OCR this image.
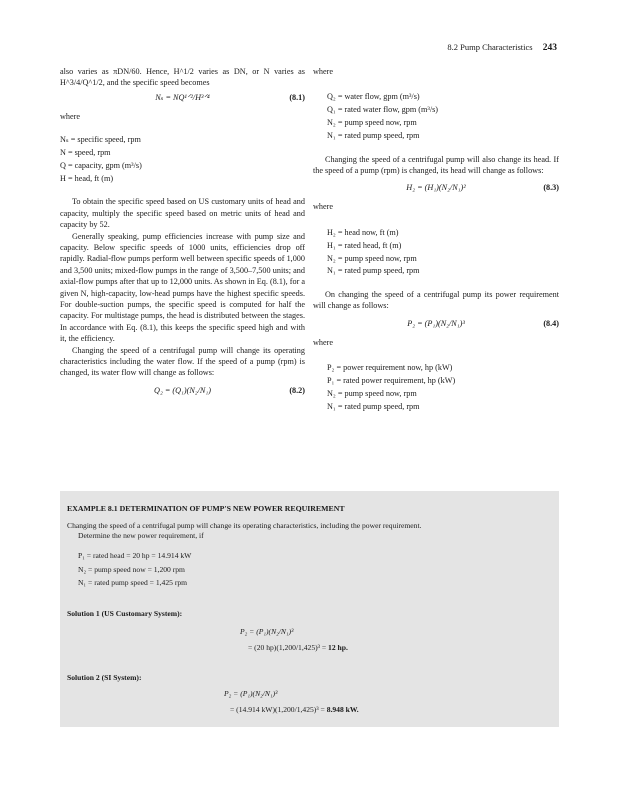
8.2 Pump Characteristics 243

also varies as πDN/60. Hence, H^1/2 varies as DN, or N varies as H^3/4/Q^1/2, and the specific speed becomes

Nₛ = NQ¹ᐟ²/H³ᐟ⁴	(8.1)

where

Nₛ = specific speed, rpm
N = speed, rpm
Q = capacity, gpm (m³/s)
H = head, ft (m)

To obtain the specific speed based on US customary units of head and capacity, multiply the specific speed based on metric units of head and capacity by 52.

Generally speaking, pump efficiencies increase with pump size and capacity. Below specific speeds of 1000 units, efficiencies drop off rapidly. Radial-flow pumps perform well between specific speeds of 1,000 and 3,500 units; mixed-flow pumps in the range of 3,500–7,500 units; and axial-flow pumps after that up to 12,000 units. As shown in Eq. (8.1), for a given N, high-capacity, low-head pumps have the highest specific speeds. For double-suction pumps, the specific speed is computed for half the capacity. For multistage pumps, the head is distributed between the stages. In accordance with Eq. (8.1), this keeps the specific speed high and with it, the efficiency.

Changing the speed of a centrifugal pump will change its operating characteristics including the water flow. If the speed of a pump (rpm) is changed, its water flow will change as follows:

Q₂ = (Q₁)(N₂/N₁)	(8.2)

where

Q₂ = water flow, gpm (m³/s)
Q₁ = rated water flow, gpm (m³/s)
N₂ = pump speed now, rpm
N₁ = rated pump speed, rpm

Changing the speed of a centrifugal pump will also change its head. If the speed of a pump (rpm) is changed, its head will change as follows:

H₂ = (H₁)(N₂/N₁)²	(8.3)

where

H₂ = head now, ft (m)
H₁ = rated head, ft (m)
N₂ = pump speed now, rpm
N₁ = rated pump speed, rpm

On changing the speed of a centrifugal pump its power requirement will change as follows:

P₂ = (P₁)(N₂/N₁)³	(8.4)

where

P₂ = power requirement now, hp (kW)
P₁ = rated power requirement, hp (kW)
N₂ = pump speed now, rpm
N₁ = rated pump speed, rpm
EXAMPLE 8.1 DETERMINATION OF PUMP'S NEW POWER REQUIREMENT
Changing the speed of a centrifugal pump will change its operating characteristics, including the power requirement.
Determine the new power requirement, if
P₁ = rated head = 20 hp = 14.914 kW
N₂ = pump speed now = 1,200 rpm
N₁ = rated pump speed = 1,425 rpm
Solution 1 (US Customary System):
P₂ = (P₁)(N₂/N₁)³
= (20 hp)(1,200/1,425)³ = 12 hp.
Solution 2 (SI System):
P₂ = (P₁)(N₂/N₁)³
= (14.914 kW)(1,200/1,425)³ = 8.948 kW.
